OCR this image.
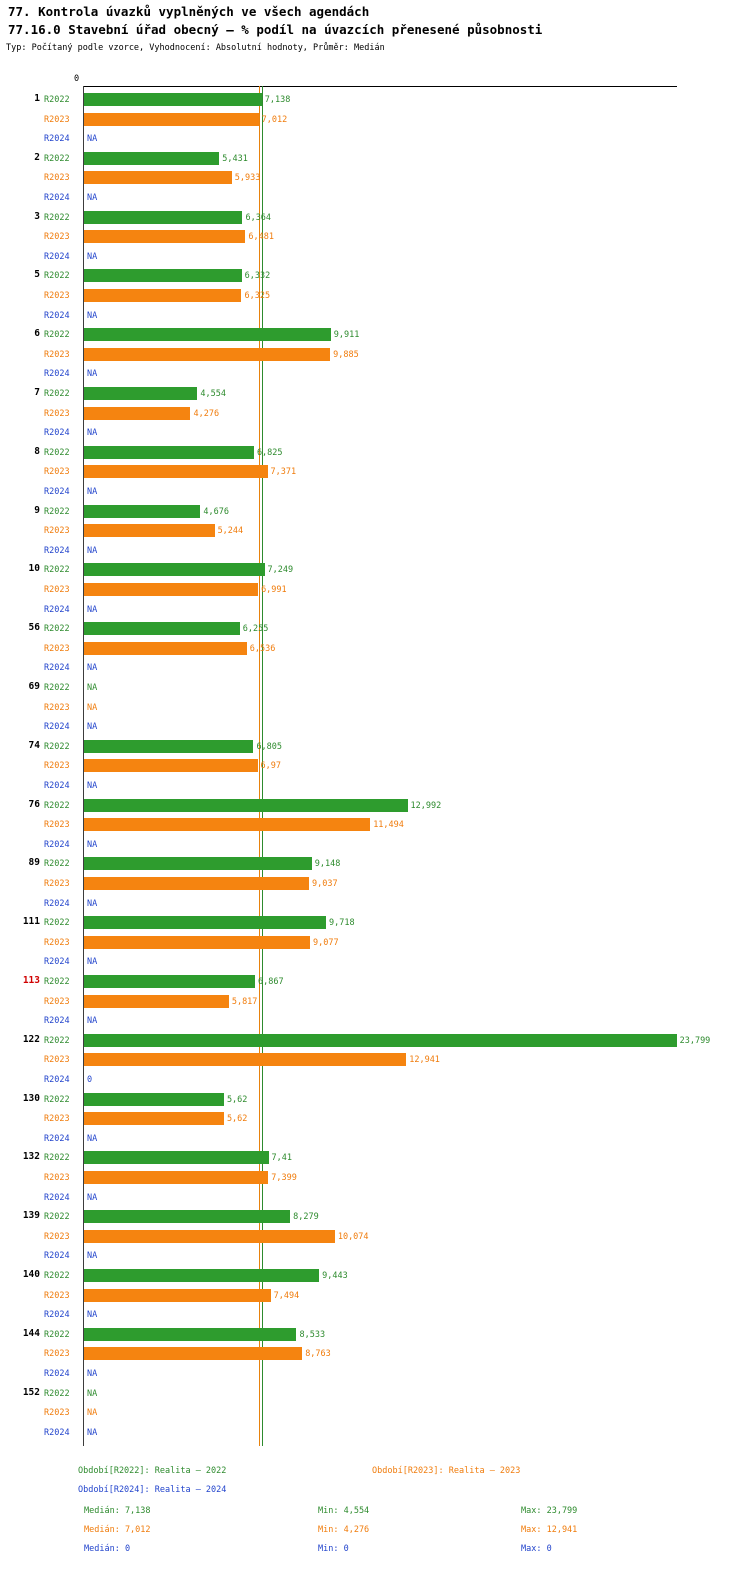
77. Kontrola úvazků vyplněných ve všech agendách
77.16.0 Stavební úřad obecný – % podíl na úvazcích přenesené působnosti
Typ: Počítaný podle vzorce, Vyhodnocení: Absolutní hodnoty, Průměr: Medián
0
1 R2022	7,138
R2023	7,012
R2024 NA
2 R2022	5,431
R2023	5,933
R2024 NA
3 R2022	6,364
R2023	6,481
R2024 NA
5 R2022	6,332
R2023	6,325
R2024 NA
6 R2022	9,911
R2023	9,885
R2024 NA
7 R2022	4,554
R2023	4,276
R2024 NA
8 R2022	6,825
R2023	7,371
R2024 NA
9 R2022	4,676
R2023	5,244
R2024 NA
10 R2022	7,249
R2023	6,991
R2024 NA
56 R2022	6,255
R2023	6,536
R2024 NA
69 R2022 NA
R2023 NA
R2024 NA
74 R2022	6,805
R2023	6,97
R2024 NA
76 R2022	12,992
R2023	11,494
R2024 NA
89 R2022	9,148
R2023	9,037
R2024 NA
111 R2022	9,718
R2023	9,077
R2024 NA
113 R2022	6,867
R2023	5,817
R2024 NA
122 R2022	23,799
R2023	12,941
R2024 0
130 R2022	5,62
R2023	5,62
R2024 NA
132 R2022	7,41
R2023	7,399
R2024 NA
139 R2022	8,279
R2023	10,074
R2024 NA
140 R2022	9,443
R2023	7,494
R2024 NA
144 R2022	8,533
R2023	8,763
R2024 NA
152 R2022 NA
R2023 NA
R2024 NA
Období[R2022]: Realita – 2022	Období[R2023]: Realita – 2023
Období[R2024]: Realita – 2024
Medián: 7,138	Min: 4,554	Max: 23,799
Medián: 7,012	Min: 4,276	Max: 12,941
Medián: 0	Min: 0	Max: 0
